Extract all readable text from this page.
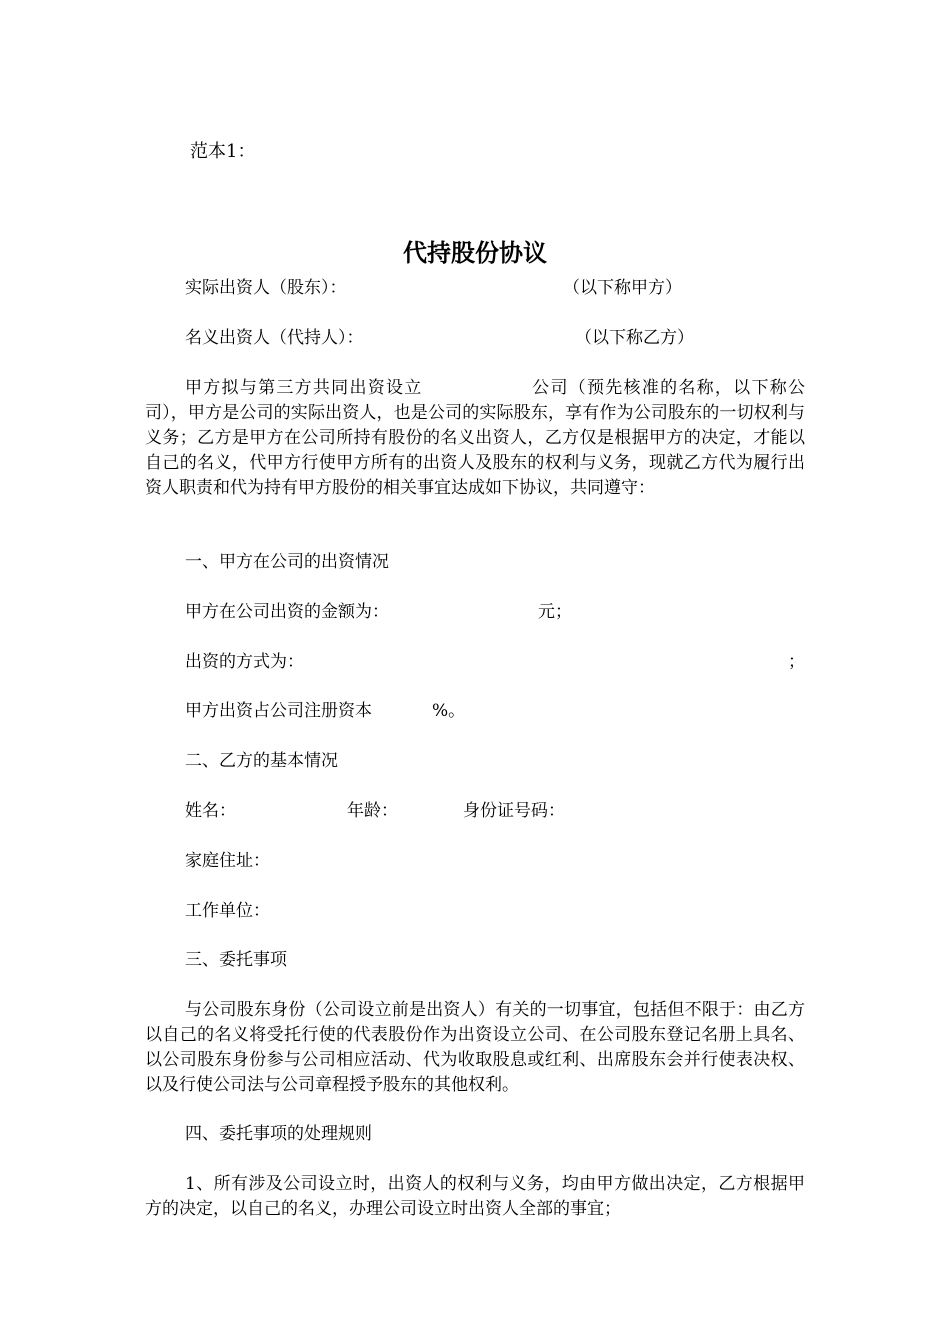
范本1：
代持股份协议
实际出资人（股东）：	（以下称甲方）
名义出资人（代持人）：	（以下称乙方）
甲方拟与第三方共同出资设立　　　　　　公司（预先核准的名称，以下称公司），甲方是公司的实际出资人，也是公司的实际股东，享有作为公司股东的一切权利与义务；乙方是甲方在公司所持有股份的名义出资人，乙方仅是根据甲方的决定，才能以自己的名义，代甲方行使甲方所有的出资人及股东的权利与义务，现就乙方代为履行出资人职责和代为持有甲方股份的相关事宜达成如下协议，共同遵守：
一、甲方在公司的出资情况
甲方在公司出资的金额为：	元；
出资的方式为：	；
甲方出资占公司注册资本	%。
二、乙方的基本情况
姓名：	年龄：	身份证号码：
家庭住址：
工作单位：
三、委托事项
与公司股东身份（公司设立前是出资人）有关的一切事宜，包括但不限于：由乙方以自己的名义将受托行使的代表股份作为出资设立公司、在公司股东登记名册上具名、以公司股东身份参与公司相应活动、代为收取股息或红利、出席股东会并行使表决权、以及行使公司法与公司章程授予股东的其他权利。
四、委托事项的处理规则
1、所有涉及公司设立时，出资人的权利与义务，均由甲方做出决定，乙方根据甲方的决定，以自己的名义，办理公司设立时出资人全部的事宜；
